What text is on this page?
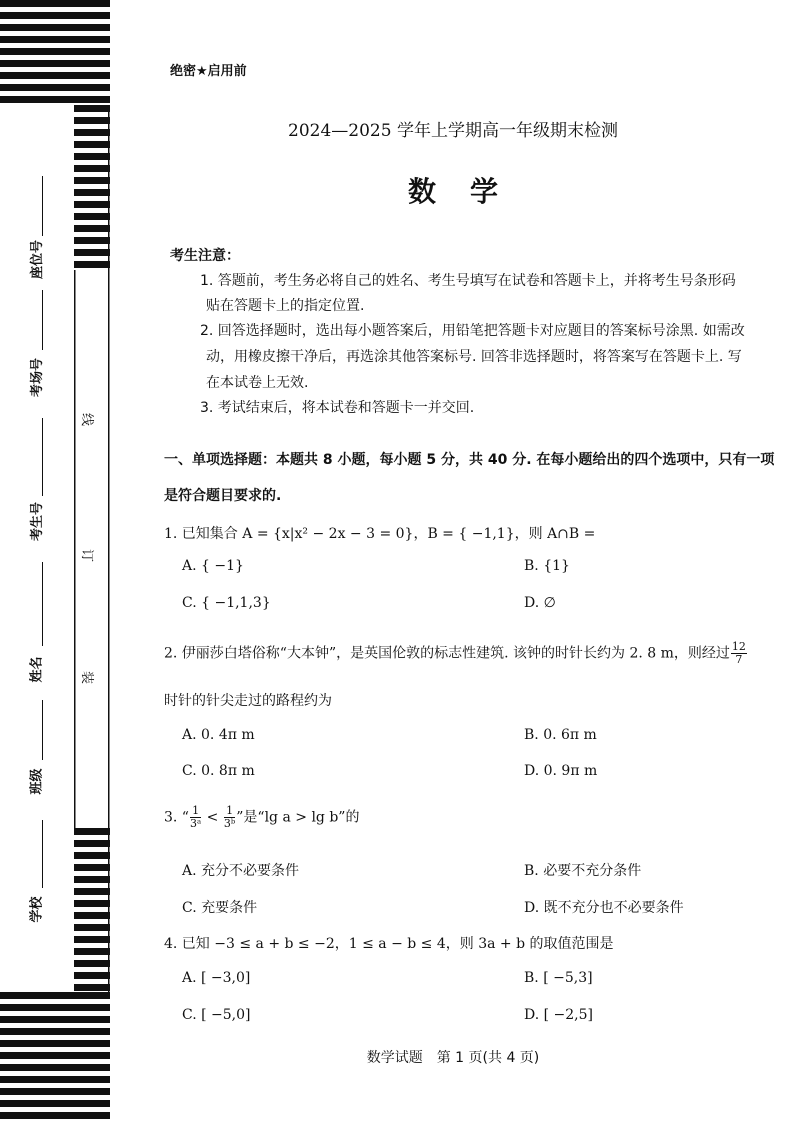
座位号
考场号
考生号
姓名
班级
学校
线
订
装
绝密★启用前
2024—2025 学年上学期高一年级期末检测
数学
考生注意：
1. 答题前，考生务必将自己的姓名、考生号填写在试卷和答题卡上，并将考生号条形码
贴在答题卡上的指定位置.
2. 回答选择题时，选出每小题答案后，用铅笔把答题卡对应题目的答案标号涂黑. 如需改
动，用橡皮擦干净后，再选涂其他答案标号. 回答非选择题时，将答案写在答题卡上. 写
在本试卷上无效.
3. 考试结束后，将本试卷和答题卡一并交回.
一、单项选择题：本题共 8 小题，每小题 5 分，共 40 分. 在每小题给出的四个选项中，只有一项
是符合题目要求的.
1. 已知集合 A = {x|x² − 2x − 3 = 0}，B = { −1,1}，则 A∩B =
A. { −1}	B. {1}
C. { −1,1,3}	D. ∅
2. 伊丽莎白塔俗称“大本钟”，是英国伦敦的标志性建筑. 该钟的时针长约为 2. 8 m，则经过 $\frac{12}{7}$
时针的针尖走过的路程约为
A. 0. 4π m	B. 0. 6π m
C. 0. 8π m	D. 0. 9π m
3. “ $\frac{1}{\text{3ᵃ}} < \frac{1}{\text{3ᵇ}}$ ”是“lg a > lg b”的
A. 充分不必要条件	B. 必要不充分条件
C. 充要条件	D. 既不充分也不必要条件
4. 已知 −3 ≤ a + b ≤ −2，1 ≤ a − b ≤ 4，则 3a + b 的取值范围是
A. [ −3,0]	B. [ −5,3]
C. [ −5,0]	D. [ −2,5]
数学试题　第 1 页(共 4 页)
